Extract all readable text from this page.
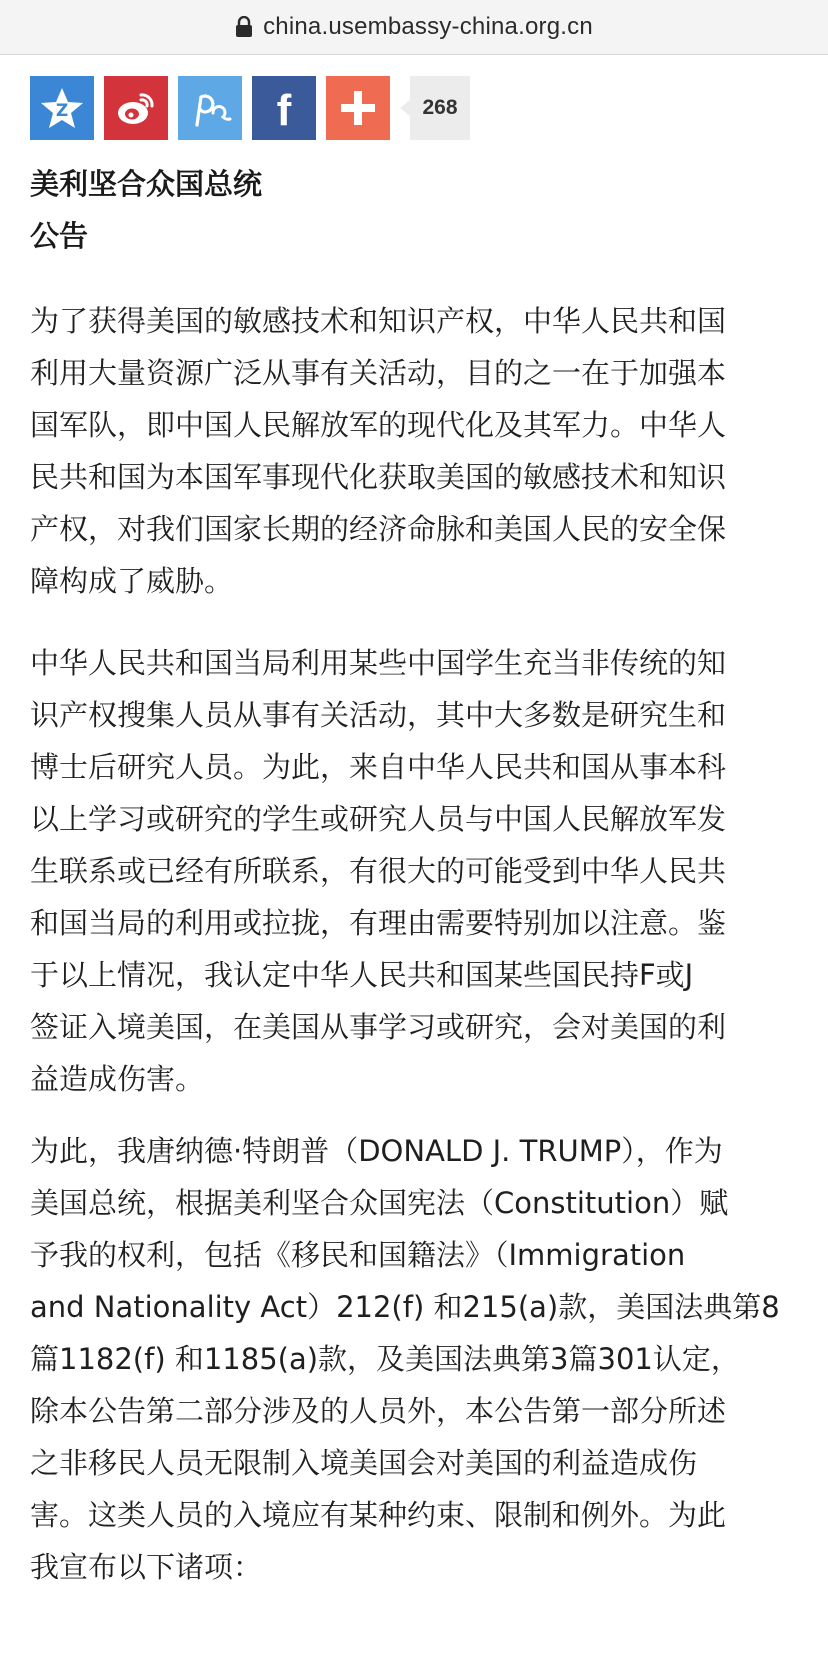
china.usembassy-china.org.cn
Z	f	268
美利坚合众国总统
公告
为了获得美国的敏感技术和知识产权，中华人民共和国
利用大量资源广泛从事有关活动，目的之一在于加强本
国军队，即中国人民解放军的现代化及其军力。中华人
民共和国为本国军事现代化获取美国的敏感技术和知识
产权，对我们国家长期的经济命脉和美国人民的安全保
障构成了威胁。
中华人民共和国当局利用某些中国学生充当非传统的知
识产权搜集人员从事有关活动，其中大多数是研究生和
博士后研究人员。为此，来自中华人民共和国从事本科
以上学习或研究的学生或研究人员与中国人民解放军发
生联系或已经有所联系，有很大的可能受到中华人民共
和国当局的利用或拉拢，有理由需要特别加以注意。鉴
于以上情况，我认定中华人民共和国某些国民持F或J
签证入境美国，在美国从事学习或研究，会对美国的利
益造成伤害。
为此，我唐纳德·特朗普（DONALD J. TRUMP），作为
美国总统，根据美利坚合众国宪法（Constitution）赋
予我的权利，包括《移民和国籍法》（Immigration
and Nationality Act）212(f) 和215(a)款，美国法典第8
篇1182(f) 和1185(a)款，及美国法典第3篇301认定，
除本公告第二部分涉及的人员外，本公告第一部分所述
之非移民人员无限制入境美国会对美国的利益造成伤
害。这类人员的入境应有某种约束、限制和例外。为此
我宣布以下诸项：
